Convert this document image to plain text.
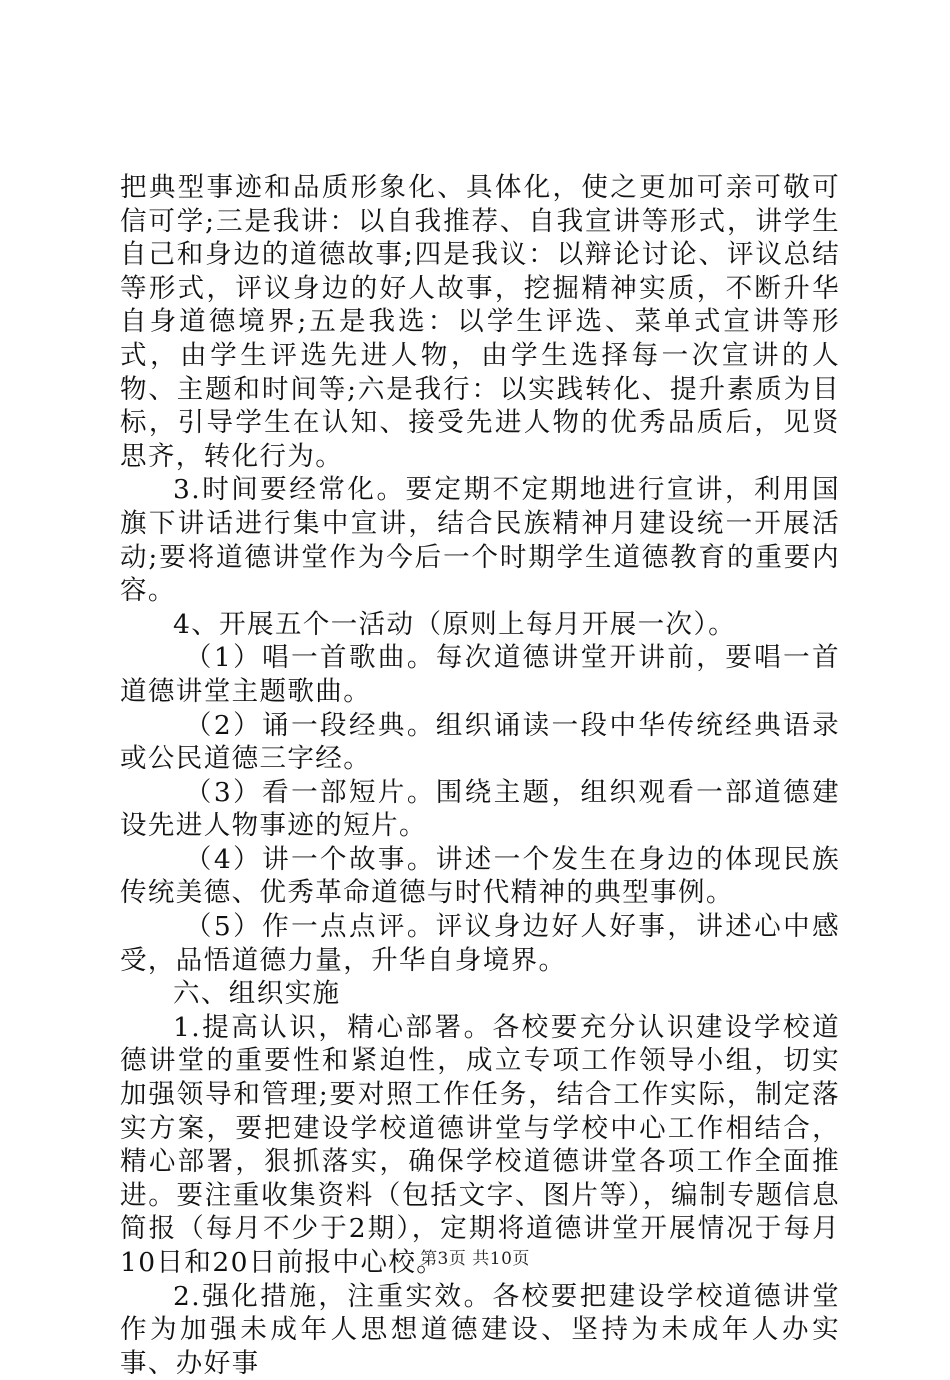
把典型事迹和品质形象化、具体化，使之更加可亲可敬可信可学;三是我讲：以自我推荐、自我宣讲等形式，讲学生自己和身边的道德故事;四是我议：以辩论讨论、评议总结等形式，评议身边的好人故事，挖掘精神实质，不断升华自身道德境界;五是我选：以学生评选、菜单式宣讲等形式，由学生评选先进人物，由学生选择每一次宣讲的人物、主题和时间等;六是我行：以实践转化、提升素质为目标，引导学生在认知、接受先进人物的优秀品质后，见贤思齐，转化行为。

3.时间要经常化。要定期不定期地进行宣讲，利用国旗下讲话进行集中宣讲，结合民族精神月建设统一开展活动;要将道德讲堂作为今后一个时期学生道德教育的重要内容。

4、开展五个一活动（原则上每月开展一次）。

（1）唱一首歌曲。每次道德讲堂开讲前，要唱一首道德讲堂主题歌曲。

（2）诵一段经典。组织诵读一段中华传统经典语录或公民道德三字经。

（3）看一部短片。围绕主题，组织观看一部道德建设先进人物事迹的短片。

（4）讲一个故事。讲述一个发生在身边的体现民族传统美德、优秀革命道德与时代精神的典型事例。

（5）作一点点评。评议身边好人好事，讲述心中感受，品悟道德力量，升华自身境界。

六、组织实施

1.提高认识，精心部署。各校要充分认识建设学校道德讲堂的重要性和紧迫性，成立专项工作领导小组，切实加强领导和管理;要对照工作任务，结合工作实际，制定落实方案，要把建设学校道德讲堂与学校中心工作相结合，精心部署，狠抓落实，确保学校道德讲堂各项工作全面推进。要注重收集资料（包括文字、图片等），编制专题信息简报（每月不少于2期），定期将道德讲堂开展情况于每月10日和20日前报中心校。

2.强化措施，注重实效。各校要把建设学校道德讲堂作为加强未成年人思想道德建设、坚持为未成年人办实事、办好事

第3页 共10页
